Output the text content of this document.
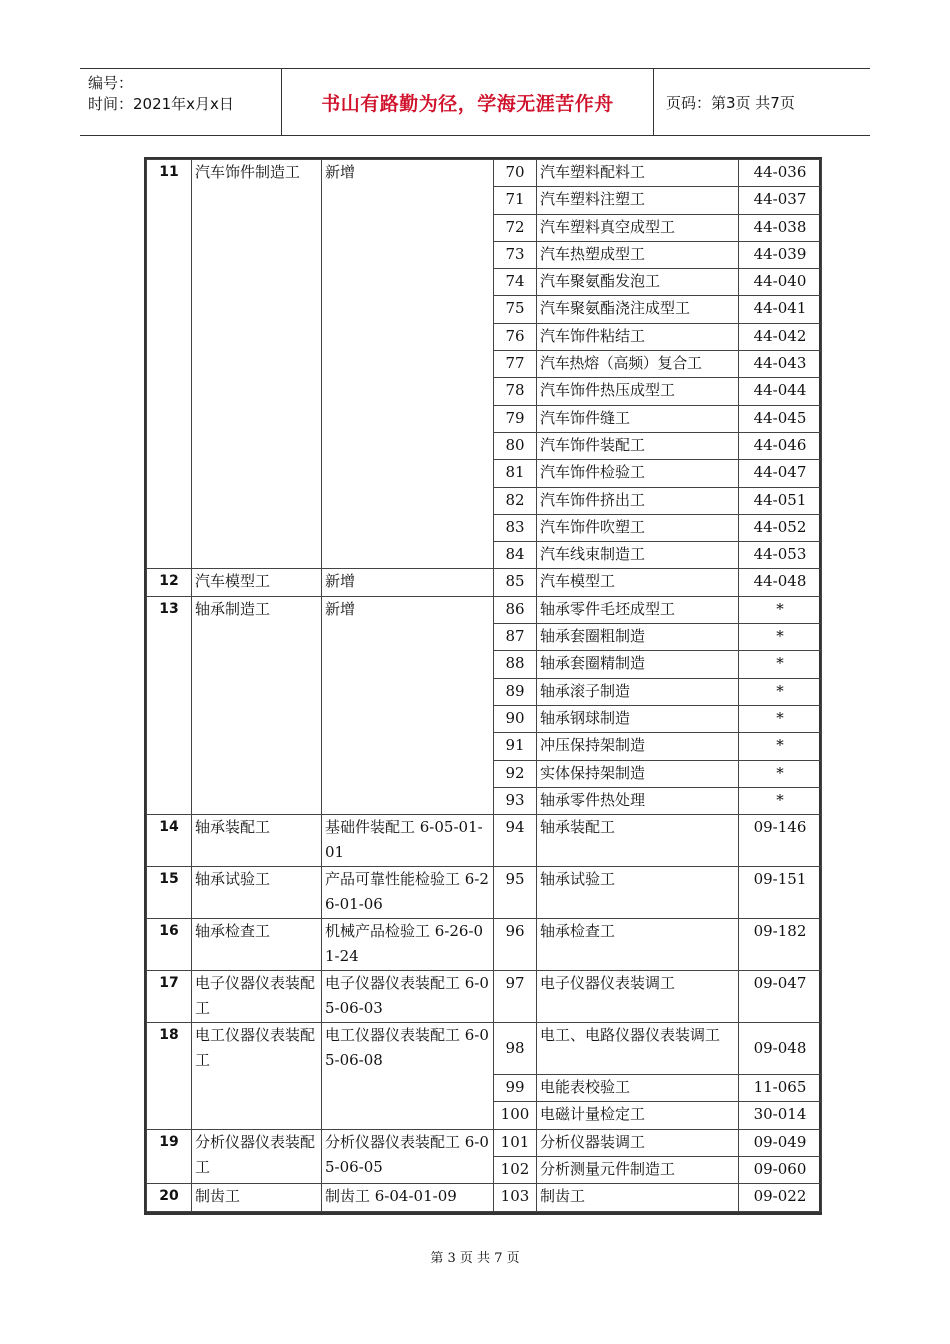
编号：
时间：2021年x月x日	书山有路勤为径，学海无涯苦作舟	页码：第3页 共7页
11	汽车饰件制造工	新增	70	汽车塑料配料工	44-036
			71	汽车塑料注塑工	44-037
			72	汽车塑料真空成型工	44-038
			73	汽车热塑成型工	44-039
			74	汽车聚氨酯发泡工	44-040
			75	汽车聚氨酯浇注成型工	44-041
			76	汽车饰件粘结工	44-042
			77	汽车热熔（高频）复合工	44-043
			78	汽车饰件热压成型工	44-044
			79	汽车饰件缝工	44-045
			80	汽车饰件装配工	44-046
			81	汽车饰件检验工	44-047
			82	汽车饰件挤出工	44-051
			83	汽车饰件吹塑工	44-052
			84	汽车线束制造工	44-053
12	汽车模型工	新增	85	汽车模型工	44-048
13	轴承制造工	新增	86	轴承零件毛坯成型工	*
			87	轴承套圈粗制造	*
			88	轴承套圈精制造	*
			89	轴承滚子制造	*
			90	轴承钢球制造	*
			91	冲压保持架制造	*
			92	实体保持架制造	*
			93	轴承零件热处理	*
14	轴承装配工	基础件装配工 6-05-01-01	94	轴承装配工	09-146
15	轴承试验工	产品可靠性能检验工 6-26-01-06	95	轴承试验工	09-151
16	轴承检查工	机械产品检验工 6-26-01-24	96	轴承检查工	09-182
17	电子仪器仪表装配工	电子仪器仪表装配工 6-05-06-03	97	电子仪器仪表装调工	09-047
18	电工仪器仪表装配工	电工仪器仪表装配工 6-05-06-08	98	电工、电路仪器仪表装调工	09-048
			99	电能表校验工	11-065
			100	电磁计量检定工	30-014
19	分析仪器仪表装配工	分析仪器仪表装配工 6-05-06-05	101	分析仪器装调工	09-049
			102	分析测量元件制造工	09-060
20	制齿工	制齿工 6-04-01-09	103	制齿工	09-022
第 3 页 共 7 页
